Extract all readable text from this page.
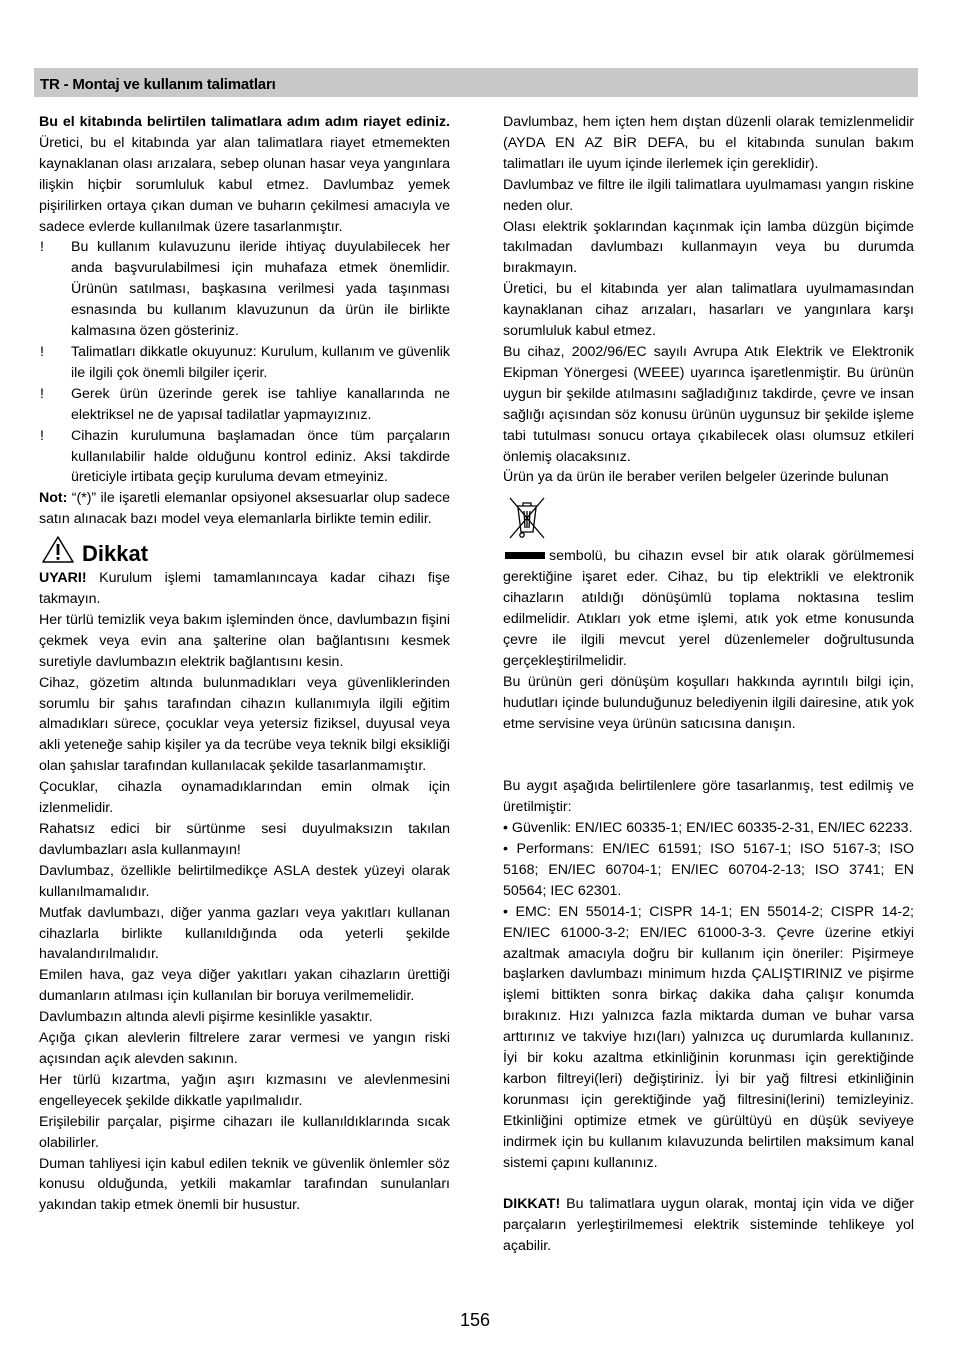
TR - Montaj ve kullanım talimatları

Bu el kitabında belirtilen talimatlara adım adım riayet ediniz. Üretici, bu el kitabında yar alan talimatlara riayet etmemekten kaynaklanan olası arızalara, sebep olunan hasar veya yangınlara ilişkin hiçbir sorumluluk kabul etmez. Davlumbaz yemek pişirilirken ortaya çıkan duman ve buharın çekilmesi amacıyla ve sadece evlerde kullanılmak üzere tasarlanmıştır.

!	Bu kullanım kulavuzunu ileride ihtiyaç duyulabilecek her anda başvurulabilmesi için muhafaza etmek önemlidir. Ürünün satılması, başkasına verilmesi yada taşınması esnasında bu kullanım klavuzunun da ürün ile birlikte kalmasına özen gösteriniz.
!	Talimatları dikkatle okuyunuz: Kurulum, kullanım ve güvenlik ile ilgili çok önemli bilgiler içerir.
!	Gerek ürün üzerinde gerek ise tahliye kanallarında ne elektriksel ne de yapısal tadilatlar yapmayızınız.
!	Cihazin kurulumuna başlamadan önce tüm parçaların kullanılabilir halde olduğunu kontrol ediniz. Aksi takdirde üreticiyle irtibata geçip kuruluma devam etmeyiniz.

Not: “(*)” ile işaretli elemanlar opsiyonel aksesuarlar olup sadece satın alınacak bazı model veya elemanlarla birlikte temin edilir.

Dikkat

UYARI! Kurulum işlemi tamamlanıncaya kadar cihazı fişe takmayın.

Her türlü temizlik veya bakım işleminden önce, davlumbazın fişini çekmek veya evin ana şalterine olan bağlantısını kesmek suretiyle davlumbazın elektrik bağlantısını kesin.

Cihaz, gözetim altında bulunmadıkları veya güvenliklerinden sorumlu bir şahıs tarafından cihazın kullanımıyla ilgili eğitim almadıkları sürece, çocuklar veya yetersiz fiziksel, duyusal veya akli yeteneğe sahip kişiler ya da tecrübe veya teknik bilgi eksikliği olan şahıslar tarafından kullanılacak şekilde tasarlanmamıştır.

Çocuklar, cihazla oynamadıklarından emin olmak için izlenmelidir.

Rahatsız edici bir sürtünme sesi duyulmaksızın takılan davlumbazları asla kullanmayın!

Davlumbaz, özellikle belirtilmedikçe ASLA destek yüzeyi olarak kullanılmamalıdır.

Mutfak davlumbazı, diğer yanma gazları veya yakıtları kullanan cihazlarla birlikte kullanıldığında oda yeterli şekilde havalandırılmalıdır.

Emilen hava, gaz veya diğer yakıtları yakan cihazların ürettiği dumanların atılması için kullanılan bir boruya verilmemelidir.

Davlumbazın altında alevli pişirme kesinlikle yasaktır.

Açığa çıkan alevlerin filtrelere zarar vermesi ve yangın riski açısından açık alevden sakının.

Her türlü kızartma, yağın aşırı kızmasını ve alevlenmesini engelleyecek şekilde dikkatle yapılmalıdır.

Erişilebilir parçalar, pişirme cihazarı ile kullanıldıklarında sıcak olabilirler.

Duman tahliyesi için kabul edilen teknik ve güvenlik önlemler söz konusu olduğunda, yetkili makamlar tarafından sunulanları yakından takip etmek önemli bir husustur.

Davlumbaz, hem içten hem dıştan düzenli olarak temizlenmelidir (AYDA EN AZ BİR DEFA, bu el kitabında sunulan bakım talimatları ile uyum içinde ilerlemek için gereklidir).

Davlumbaz ve filtre ile ilgili talimatlara uyulmaması yangın riskine neden olur.

Olası elektrik şoklarından kaçınmak için lamba düzgün biçimde takılmadan davlumbazı kullanmayın veya bu durumda bırakmayın.

Üretici, bu el kitabında yer alan talimatlara uyulmamasından kaynaklanan cihaz arızaları, hasarları ve yangınlara karşı sorumluluk kabul etmez.

Bu cihaz, 2002/96/EC sayılı Avrupa Atık Elektrik ve Elektronik Ekipman Yönergesi (WEEE) uyarınca işaretlenmiştir. Bu ürünün uygun bir şekilde atılmasını sağladığınız takdirde, çevre ve insan sağlığı açısından söz konusu ürünün uygunsuz bir şekilde işleme tabi tutulması sonucu ortaya çıkabilecek olası olumsuz etkileri önlemiş olacaksınız.

Ürün ya da ürün ile beraber verilen belgeler üzerinde bulunan

sembolü, bu cihazın evsel bir atık olarak görülmemesi gerektiğine işaret eder. Cihaz, bu tip elektrikli ve elektronik cihazların atıldığı dönüşümlü toplama noktasına teslim edilmelidir. Atıkları yok etme işlemi, atık yok etme konusunda çevre ile ilgili mevcut yerel düzenlemeler doğrultusunda gerçekleştirilmelidir.

Bu ürünün geri dönüşüm koşulları hakkında ayrıntılı bilgi için, hudutları içinde bulunduğunuz belediyenin ilgili dairesine, atık yok etme servisine veya ürünün satıcısına danışın.

Bu aygıt aşağıda belirtilenlere göre tasarlanmış, test edilmiş ve üretilmiştir:

• Güvenlik: EN/IEC 60335-1; EN/IEC 60335-2-31, EN/IEC 62233.

• Performans: EN/IEC 61591; ISO 5167-1; ISO 5167-3; ISO 5168; EN/IEC 60704-1; EN/IEC 60704-2-13; ISO 3741; EN 50564; IEC 62301.

• EMC: EN 55014-1; CISPR 14-1; EN 55014-2; CISPR 14-2; EN/IEC 61000-3-2; EN/IEC 61000-3-3. Çevre üzerine etkiyi azaltmak amacıyla doğru bir kullanım için öneriler: Pişirmeye başlarken davlumbazı minimum hızda ÇALIŞTIRINIZ ve pişirme işlemi bittikten sonra birkaç dakika daha çalışır konumda bırakınız. Hızı yalnızca fazla miktarda duman ve buhar varsa arttırınız ve takviye hızı(ları) yalnızca uç durumlarda kullanınız. İyi bir koku azaltma etkinliğinin korunması için gerektiğinde karbon filtreyi(leri) değiştiriniz. İyi bir yağ filtresi etkinliğinin korunması için gerektiğinde yağ filtresini(lerini) temizleyiniz. Etkinliğini optimize etmek ve gürültüyü en düşük seviyeye indirmek için bu kullanım kılavuzunda belirtilen maksimum kanal sistemi çapını kullanınız.

DIKKAT! Bu talimatlara uygun olarak, montaj için vida ve diğer parçaların yerleştirilmemesi elektrik sisteminde tehlikeye yol açabilir.

156
